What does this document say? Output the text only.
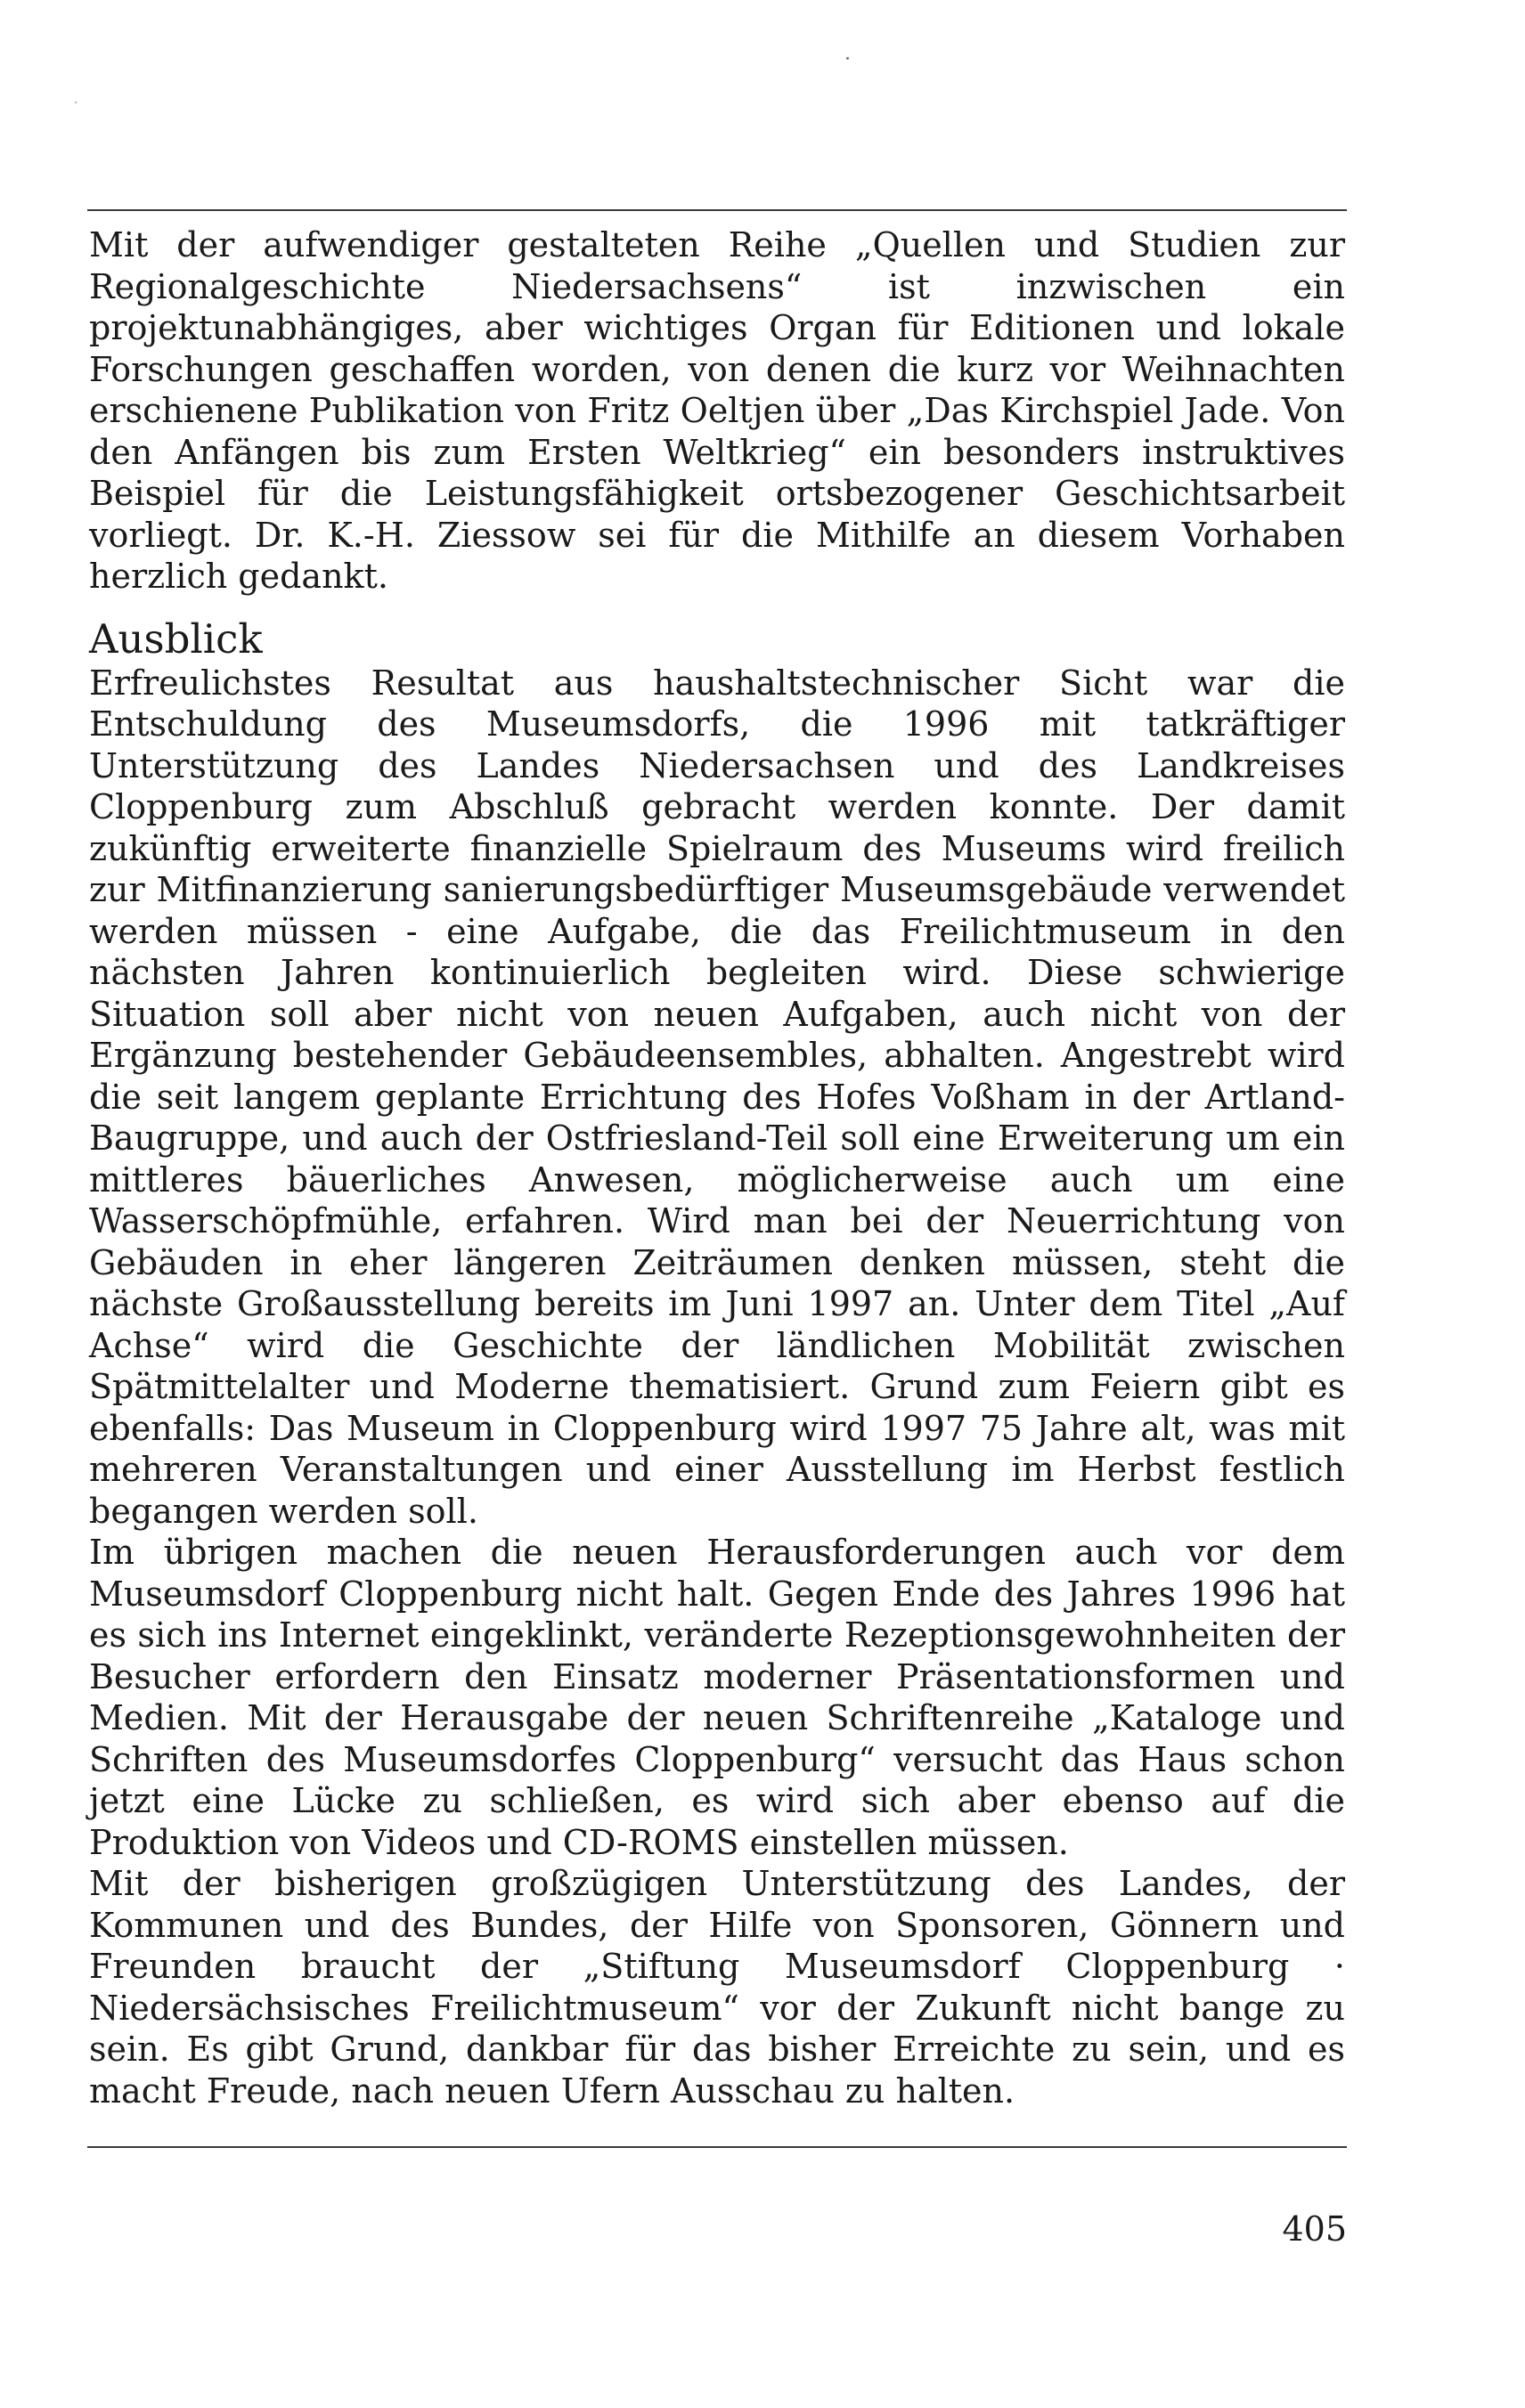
Mit der aufwendiger gestalteten Reihe „Quellen und Studien zur Regionalgeschichte Niedersachsens“ ist inzwischen ein projektunabhängiges, aber wichtiges Organ für Editionen und lokale Forschungen geschaffen worden, von denen die kurz vor Weihnachten erschienene Publikation von Fritz Oeltjen über „Das Kirchspiel Jade. Von den Anfängen bis zum Ersten Weltkrieg“ ein besonders instruktives Beispiel für die Leistungsfähigkeit ortsbezogener Geschichtsarbeit vorliegt. Dr. K.-H. Ziessow sei für die Mithilfe an diesem Vorhaben herzlich gedankt.

Ausblick

Erfreulichstes Resultat aus haushaltstechnischer Sicht war die Entschuldung des Museumsdorfs, die 1996 mit tatkräftiger Unterstützung des Landes Niedersachsen und des Landkreises Cloppenburg zum Abschluß gebracht werden konnte. Der damit zukünftig erweiterte finanzielle Spielraum des Museums wird freilich zur Mitfinanzierung sanierungsbedürftiger Museumsgebäude verwendet werden müssen - eine Aufgabe, die das Freilichtmuseum in den nächsten Jahren kontinuierlich begleiten wird. Diese schwierige Situation soll aber nicht von neuen Aufgaben, auch nicht von der Ergänzung bestehender Gebäudeensembles, abhalten. Angestrebt wird die seit langem geplante Errichtung des Hofes Voßham in der Artland-Baugruppe, und auch der Ostfriesland-Teil soll eine Erweiterung um ein mittleres bäuerliches Anwesen, möglicherweise auch um eine Wasserschöpfmühle, erfahren. Wird man bei der Neuerrichtung von Gebäuden in eher längeren Zeiträumen denken müssen, steht die nächste Großausstellung bereits im Juni 1997 an. Unter dem Titel „Auf Achse“ wird die Geschichte der ländlichen Mobilität zwischen Spätmittelalter und Moderne thematisiert. Grund zum Feiern gibt es ebenfalls: Das Museum in Cloppenburg wird 1997 75 Jahre alt, was mit mehreren Veranstaltungen und einer Ausstellung im Herbst festlich begangen werden soll.

Im übrigen machen die neuen Herausforderungen auch vor dem Museumsdorf Cloppenburg nicht halt. Gegen Ende des Jahres 1996 hat es sich ins Internet eingeklinkt, veränderte Rezeptionsgewohnheiten der Besucher erfordern den Einsatz moderner Präsentationsformen und Medien. Mit der Herausgabe der neuen Schriftenreihe „Kataloge und Schriften des Museumsdorfes Cloppenburg“ versucht das Haus schon jetzt eine Lücke zu schließen, es wird sich aber ebenso auf die Produktion von Videos und CD-ROMS einstellen müssen.

Mit der bisherigen großzügigen Unterstützung des Landes, der Kommunen und des Bundes, der Hilfe von Sponsoren, Gönnern und Freunden braucht der „Stiftung Museumsdorf Cloppenburg · Niedersächsisches Freilichtmuseum“ vor der Zukunft nicht bange zu sein. Es gibt Grund, dankbar für das bisher Erreichte zu sein, und es macht Freude, nach neuen Ufern Ausschau zu halten.

405
